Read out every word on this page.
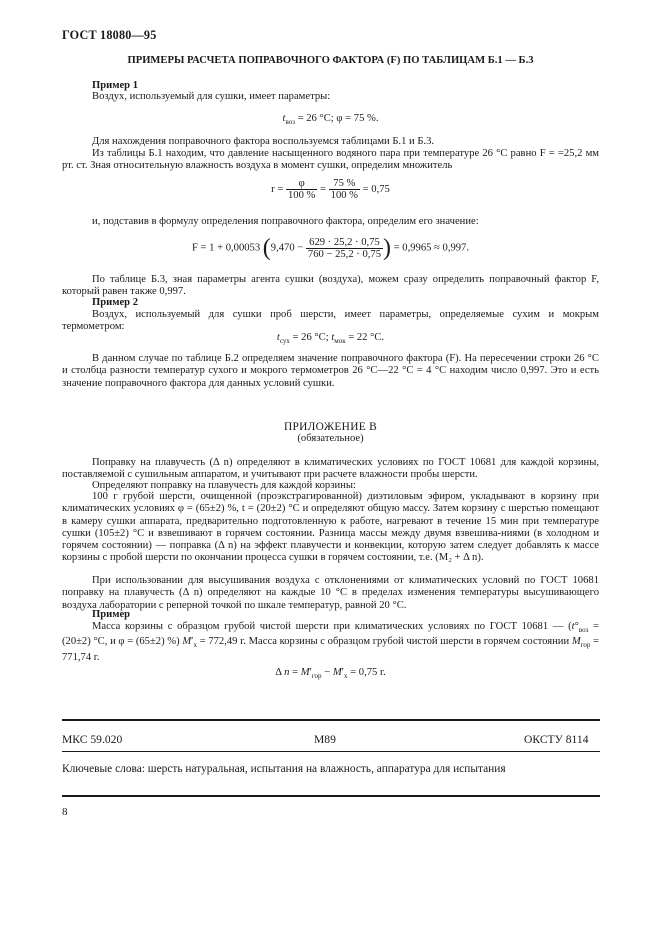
ГОСТ 18080—95
ПРИМЕРЫ РАСЧЕТА ПОПРАВОЧНОГО ФАКТОРА (F) ПО ТАБЛИЦАМ Б.1 — Б.3
Пример 1
Воздух, используемый для сушки, имеет параметры:
$t_{воз} = 26$ °C; φ = 75 %.
Для нахождения поправочного фактора воспользуемся таблицами Б.1 и Б.3.
Из таблицы Б.1 находим, что давление насыщенного водяного пара при температуре 26 °C равно F = =25,2 мм рт. ст. Зная относительную влажность воздуха в момент сушки, определим множитель
$r = \frac{\varphi}{100 \%} = \frac{75 \%}{100 \%} = 0,75$
и, подставив в формулу определения поправочного фактора, определим его значение:
F = 1 + 0,00053 ($9,470 - \frac{629 \cdot 25,2 \cdot 0,75}{760 - 25,2 \cdot 0,75}$ ) = 0,9965 ≈ 0,997.
По таблице Б.3, зная параметры агента сушки (воздуха), можем сразу определить поправочный фактор F, который равен также 0,997.
Пример 2
Воздух, используемый для сушки проб шерсти, имеет параметры, определяемые сухим и мокрым термометром:
$t_{сух} = 26$ °C; $t_{мок} = 22$ °C.
В данном случае по таблице Б.2 определяем значение поправочного фактора (F). На пересечении строки 26 °C и столбца разности температур сухого и мокрого термометров 26 °C—22 °C = 4 °C находим число 0,997. Это и есть значение поправочного фактора для данных условий сушки.
ПРИЛОЖЕНИЕ В
(обязательное)
Поправку на плавучесть (Δ n) определяют в климатических условиях по ГОСТ 10681 для каждой корзины, поставляемой с сушильным аппаратом, и учитывают при расчете влажности пробы шерсти.
Определяют поправку на плавучесть для каждой корзины:
100 г грубой шерсти, очищенной (проэкстрагированной) диэтиловым эфиром, укладывают в корзину при климатических условиях φ = (65±2) %, t = (20±2) °C и определяют общую массу. Затем корзину с шерстью помещают в камеру сушки аппарата, предварительно подготовленную к работе, нагревают в течение 15 мин при температуре сушки (105±2) °C и взвешивают в горячем состоянии. Разница массы между двумя взвешива-ниями (в холодном и горячем состоянии) — поправка (Δ n) на эффект плавучести и конвекции, которую затем следует добавлять к массе корзины с пробой шерсти по окончании процесса сушки в горячем состоянии, т.е. (M₂ + Δ n).
При использовании для высушивания воздуха с отклонениями от климатических условий по ГОСТ 10681 поправку на плавучесть (Δ n) определяют на каждые 10 °C в пределах изменения температуры высушивающего воздуха лаборатории с реперной точкой по шкале температур, равной 20 °C.
Пример
Масса корзины с образцом грубой чистой шерсти при климатических условиях по ГОСТ 10681 — ($t^\circ_{воз} = (20\pm 2)$ °C, и φ = (65±2) %) $M'_x = 772,49$ г. Масса корзины с образцом грубой чистой шерсти в горячем состоянии $M_{гор} = 771,74$ г.
Δ $n = M'_{гор} - M'_x = 0,75$ г.
МКС 59.020	M89	ОКСТУ 8114
Ключевые слова: шерсть натуральная, испытания на влажность, аппаратура для испытания
8
